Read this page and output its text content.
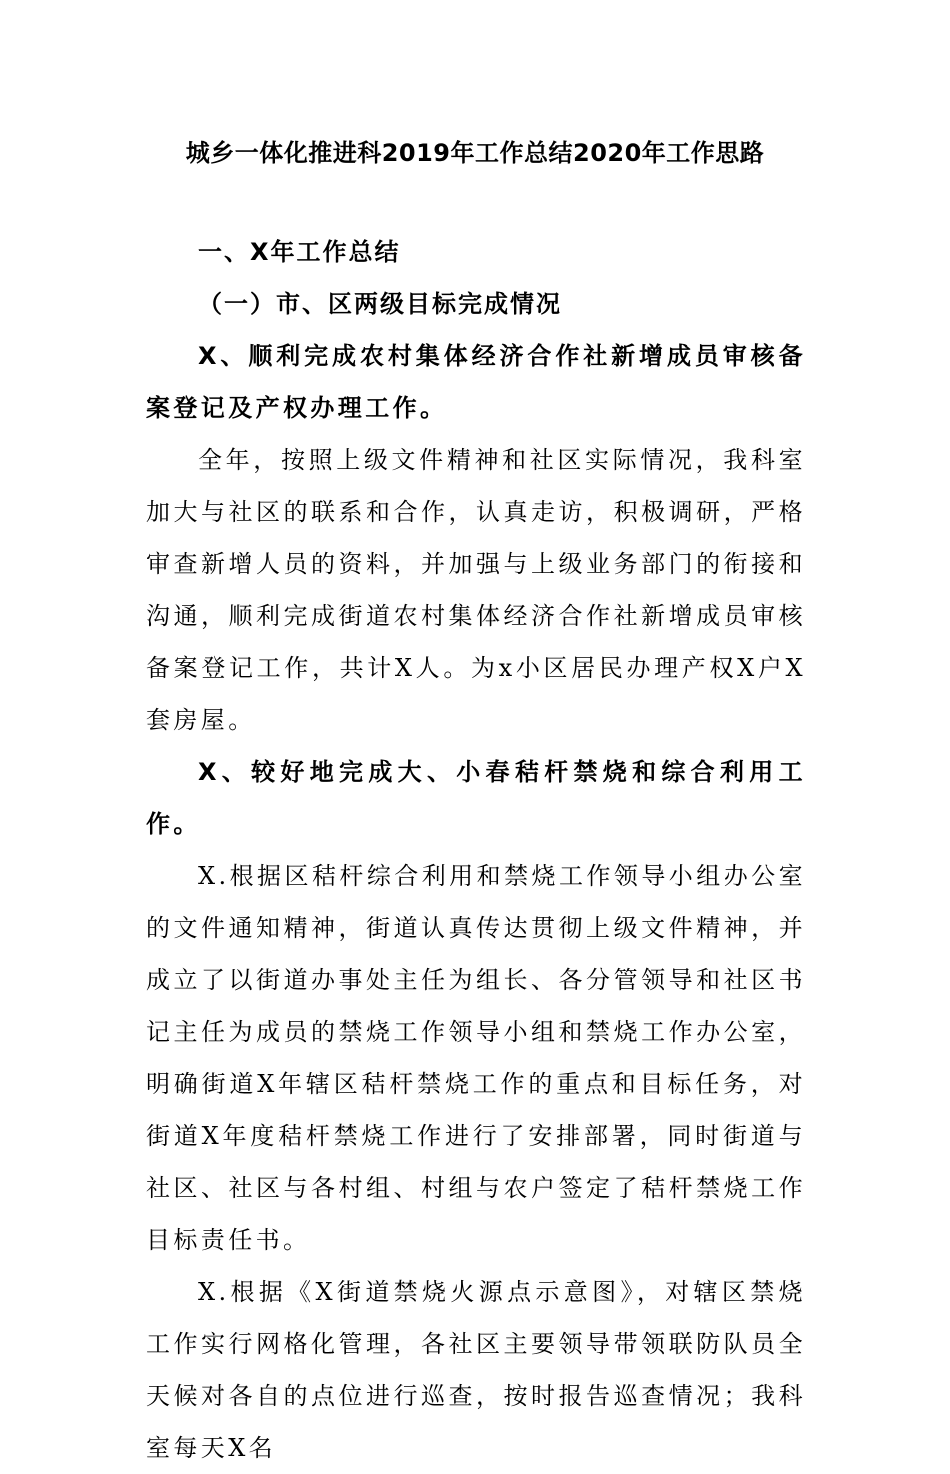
城乡一体化推进科2019年工作总结2020年工作思路
一、X年工作总结
（一）市、区两级目标完成情况
X、顺利完成农村集体经济合作社新增成员审核备案登记及产权办理工作。
全年，按照上级文件精神和社区实际情况，我科室加大与社区的联系和合作，认真走访，积极调研，严格审查新增人员的资料，并加强与上级业务部门的衔接和沟通，顺利完成街道农村集体经济合作社新增成员审核备案登记工作，共计X人。为x小区居民办理产权X户X套房屋。
X、较好地完成大、小春秸杆禁烧和综合利用工作。
X.根据区秸杆综合利用和禁烧工作领导小组办公室的文件通知精神，街道认真传达贯彻上级文件精神，并成立了以街道办事处主任为组长、各分管领导和社区书记主任为成员的禁烧工作领导小组和禁烧工作办公室，明确街道X年辖区秸杆禁烧工作的重点和目标任务，对街道X年度秸杆禁烧工作进行了安排部署，同时街道与社区、社区与各村组、村组与农户签定了秸杆禁烧工作目标责任书。
X.根据《X街道禁烧火源点示意图》，对辖区禁烧工作实行网格化管理，各社区主要领导带领联防队员全天候对各自的点位进行巡查，按时报告巡查情况；我科室每天X名
